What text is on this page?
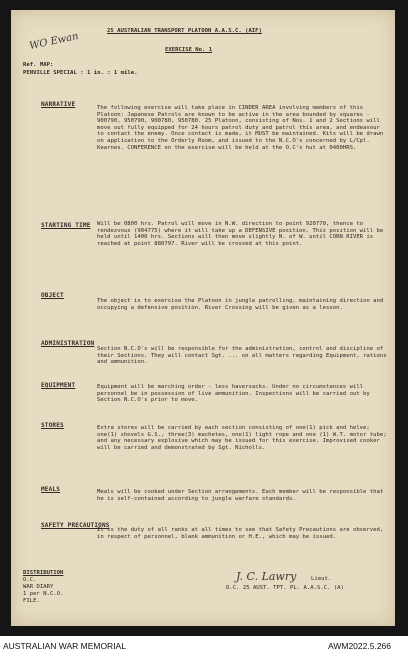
WO Ewan	25 AUSTRALIAN TRANSPORT PLATOON A.A.S.C. (AIF)
EXERCISE No. 1
Ref. MAP:
PENVILLE SPECIAL : 1 in. : 1 mile.
NARRATIVE	The following exercise will take place in CINDER AREA involving members of this Platoon: Japanese Patrols are known to be active in the area bounded by squares - 900790, 950790, 900780, 950780. 25 Platoon, consisting of Nos. 1 and 2 Sections will move out fully equipped for 24 hours patrol duty and patrol this area, and endeavour to contact the enemy. Once contact is made, it MUST be maintained. Kits will be drawn on application to the Orderly Room, and issued to the N.C.O's concerned by L/Cpl. Kearnes. CONFERENCE on the exercise will be held at the O.C's hut at 0400HRS.
STARTING TIME Will be 0800 hrs. Patrol will move in N.W. direction to point 920770, thence to rendezvous (904775) where it will take up a DEFENSIVE position. This position will be held until 1400 hrs. Sections will then move slightly N. of W. until CORN RIVER is reached at point 880797. River will be crossed at this point.
OBJECT
The object is to exercise the Platoon in jungle patrolling, maintaining direction and occupying a defensive position. River Crossing will be given as a lesson.
ADMINISTRATION
Section N.C.O's will be responsible for the administration, control and discipline of their Sections. They will contact Sgt. ... on all matters regarding Equipment, rations and ammunition.
EQUIPMENT	Equipment will be marching order - less haversacks. Under no circumstances will personnel be in possession of live ammunition. Inspections will be carried out by Section N.C.O's prior to move.
STORES	Extra stores will be carried by each section consisting of one(1) pick and helve; one(1) shovels G.S., three(3) machetes, one(1) light rope and one (1) W.T. motor tube; and any necessary explosive which may be issued for this exercise. Improvised cooker will be carried and demonstrated by Sgt. Nicholls.
MEALS	Meals will be cooked under Section arrangements. Each member will be responsible that he is self-contained according to jungle warfare standards.
SAFETY PRECAUTIONS
It is the duty of all ranks at all times to see that Safety Precautions are observed, in respect of personnel, blank ammunition or H.E., which may be issued.
DISTRIBUTION
O.C.
WAR DIARY
1 per N.C.O.
FILE.
J. C. Lawry	Lieut.
O.C. 25 AUST. TPT. PL. A.A.S.C. (A)
AUSTRALIAN WAR MEMORIAL	AWM2022.5.266
